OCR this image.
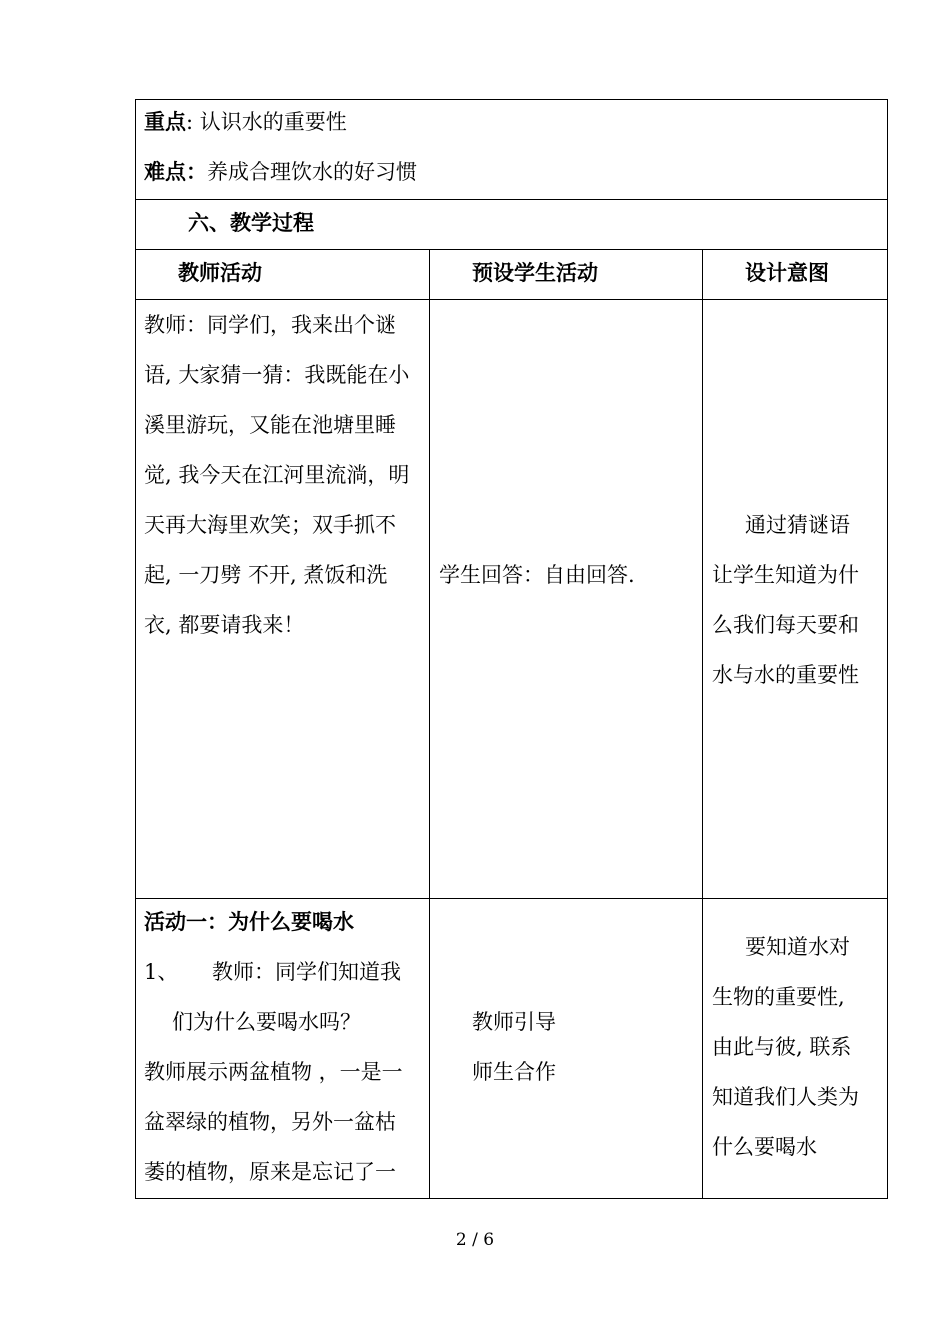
重点: 认识水的重要性
难点：养成合理饮水的好习惯
六、教学过程
教师活动	预设学生活动	设计意图
教师：同学们，我来出个谜
语, 大家猜一猜：我既能在小
溪里游玩，又能在池塘里睡
觉, 我今天在江河里流淌，明
天再大海里欢笑；双手抓不
起, 一刀劈 不开, 煮饭和洗
衣, 都要请我来！
学生回答：自由回答.
通过猜谜语
让学生知道为什
么我们每天要和
水与水的重要性
活动一：为什么要喝水
1、 教师：同学们知道我
们为什么要喝水吗？
教师展示两盆植物 ，一是一
盆翠绿的植物，另外一盆枯
萎的植物，原来是忘记了一
教师引导
师生合作
要知道水对
生物的重要性,
由此与彼, 联系
知道我们人类为
什么要喝水
2 / 6
